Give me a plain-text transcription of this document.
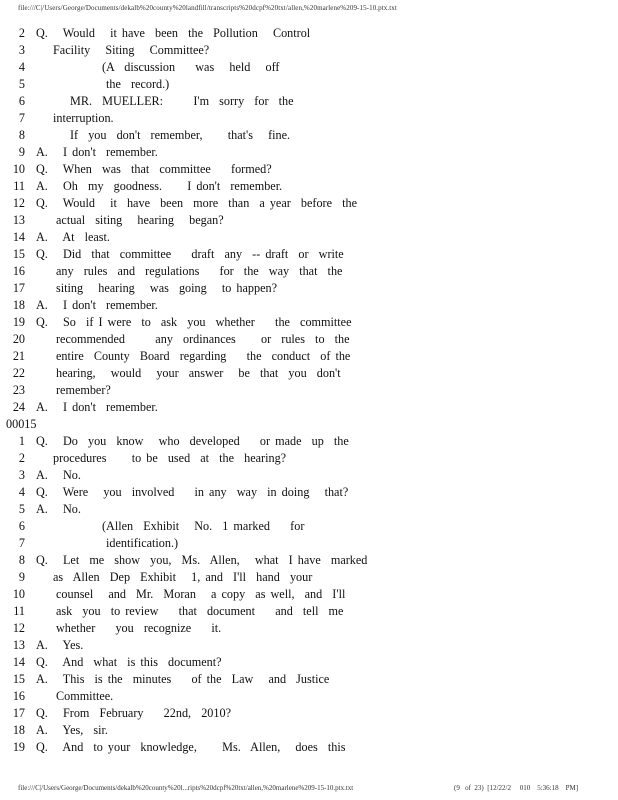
file:///C|/Users/George/Documents/dekalb%20county%20landfill/transcripts%20dcpf%20txt/allen,%20marlene%209-15-10.ptx.txt
2 Q.   Would   it have  been  the  Pollution   Control
3 Facility   Siting   Committee?
4	(A  discussion    was   held   off
5	the  record.)
6	MR.  MUELLER:      I'm  sorry  for  the
7 interruption.
8	If  you  don't  remember,     that's   fine.
9 A.   I don't  remember.
10 Q.   When  was  that  committee    formed?
11 A.   Oh  my  goodness.     I don't  remember.
12 Q.   Would   it  have  been  more  than  a year  before  the
13	actual  siting   hearing   began?
14 A.   At  least.
15 Q.   Did  that  committee    draft  any  -- draft  or  write
16	any  rules  and  regulations    for  the  way  that  the
17	siting   hearing   was  going   to happen?
18 A.   I don't  remember.
19 Q.   So  if I were  to  ask  you  whether    the  committee
20	recommended      any  ordinances     or  rules  to  the
21	entire  County  Board  regarding    the  conduct  of the
22	hearing,   would   your  answer   be  that  you  don't
23	remember?
24 A.   I don't  remember.
00015
1 Q.   Do  you  know   who  developed    or made  up  the
2 procedures     to be  used  at  the  hearing?
3 A.   No.
4 Q.   Were   you  involved    in any  way  in doing   that?
5 A.   No.
6	(Allen  Exhibit   No.  1 marked    for
7	identification.)
8 Q.   Let  me  show  you,  Ms.  Allen,   what  I have  marked
9 as  Allen  Dep  Exhibit   1, and  I'll  hand  your
10	counsel   and  Mr.  Moran   a copy  as well,  and  I'll
11	ask  you  to review    that  document    and  tell  me
12	whether    you  recognize    it.
13 A.   Yes.
14 Q.   And  what  is this  document?
15 A.   This  is the  minutes    of the  Law   and  Justice
16	Committee.
17 Q.   From  February    22nd,  2010?
18 A.   Yes,  sir.
19 Q.   And  to your  knowledge,     Ms.  Allen,   does  this
file:///C|/Users/George/Documents/dekalb%20county%20l...ripts%20dcpf%20txt/allen,%20marlene%209-15-10.ptx.txt	(9   of  23)  [12/22/2     010    5:36:18    PM]
